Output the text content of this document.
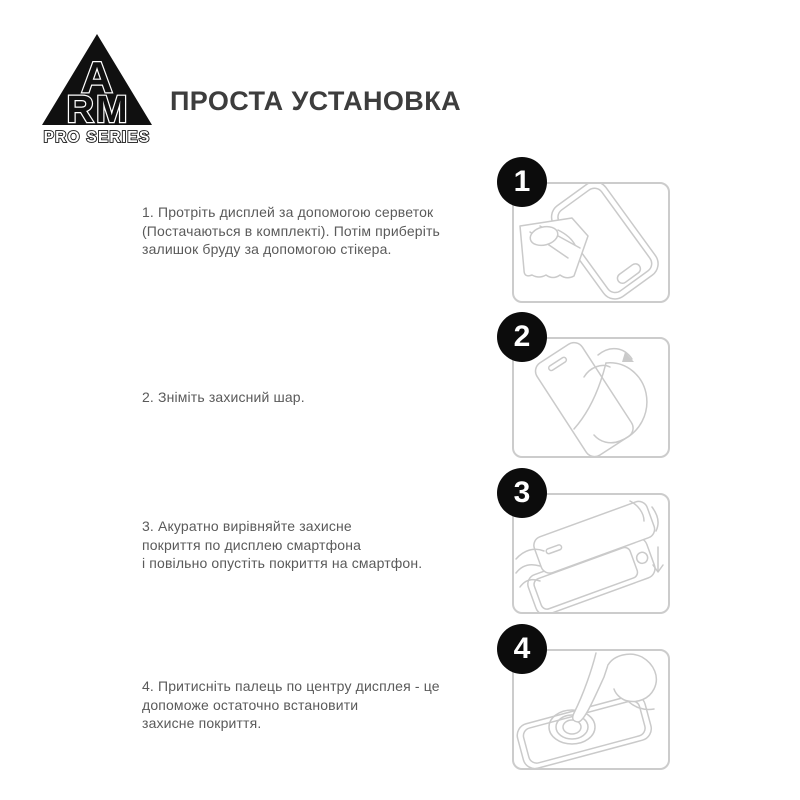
A
RM
PRO SERIES
ПРОСТА УСТАНОВКА
1. Протріть дисплей за допомогою серветок
(Постачаються в комплекті). Потім приберіть
залишок бруду за допомогою стікера.
2. Зніміть захисний шар.
3. Акуратно вирівняйте захисне
покриття по дисплею смартфона
і повільно опустіть покриття на смартфон.
4. Притисніть палець по центру дисплея - це
допоможе остаточно встановити
захисне покриття.
1
2
3
4
